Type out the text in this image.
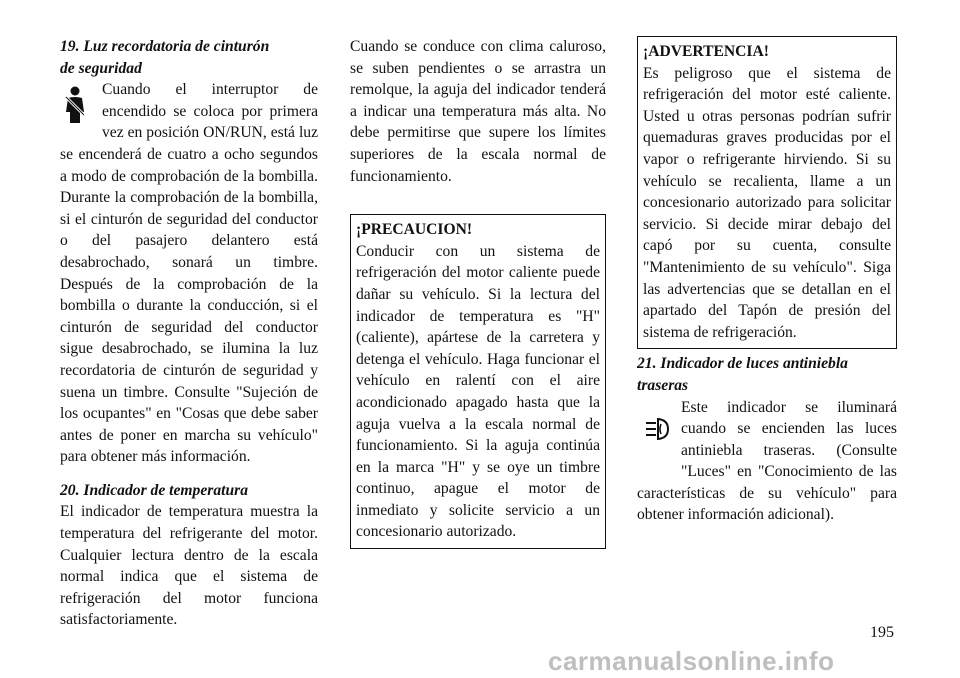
19. Luz recordatoria de cinturón
de seguridad

Cuando el interruptor de encendido se coloca por primera vez en posición ON/RUN, está luz se encenderá de cuatro a ocho segundos a modo de comprobación de la bombilla. Durante la comprobación de la bombilla, si el cinturón de seguridad del conductor o del pasajero delantero está desabrochado, sonará un timbre. Después de la comprobación de la bombilla o durante la conducción, si el cinturón de seguridad del conductor sigue desabrochado, se ilumina la luz recordatoria de cinturón de seguridad y suena un timbre. Consulte "Sujeción de los ocupantes" en "Cosas que debe saber antes de poner en marcha su vehículo" para obtener más información.

20. Indicador de temperatura

El indicador de temperatura muestra la temperatura del refrigerante del motor. Cualquier lectura dentro de la escala normal indica que el sistema de refrigeración del motor funciona satisfactoriamente.

Cuando se conduce con clima caluroso, se suben pendientes o se arrastra un remolque, la aguja del indicador tenderá a indicar una temperatura más alta. No debe permitirse que supere los límites superiores de la escala normal de funcionamiento.

¡PRECAUCION!

Conducir con un sistema de refrigeración del motor caliente puede dañar su vehículo. Si la lectura del indicador de temperatura es "H" (caliente), apártese de la carretera y detenga el vehículo. Haga funcionar el vehículo en ralentí con el aire acondicionado apagado hasta que la aguja vuelva a la escala normal de funcionamiento. Si la aguja continúa en la marca "H" y se oye un timbre continuo, apague el motor de inmediato y solicite servicio a un concesionario autorizado.

¡ADVERTENCIA!

Es peligroso que el sistema de refrigeración del motor esté caliente. Usted u otras personas podrían sufrir quemaduras graves producidas por el vapor o refrigerante hirviendo. Si su vehículo se recalienta, llame a un concesionario autorizado para solicitar servicio. Si decide mirar debajo del capó por su cuenta, consulte "Mantenimiento de su vehículo". Siga las advertencias que se detallan en el apartado del Tapón de presión del sistema de refrigeración.

21. Indicador de luces antiniebla
traseras

Este indicador se iluminará cuando se encienden las luces antiniebla traseras. (Consulte "Luces" en "Conocimiento de las características de su vehículo" para obtener información adicional).

195
carmanualsonline.info
